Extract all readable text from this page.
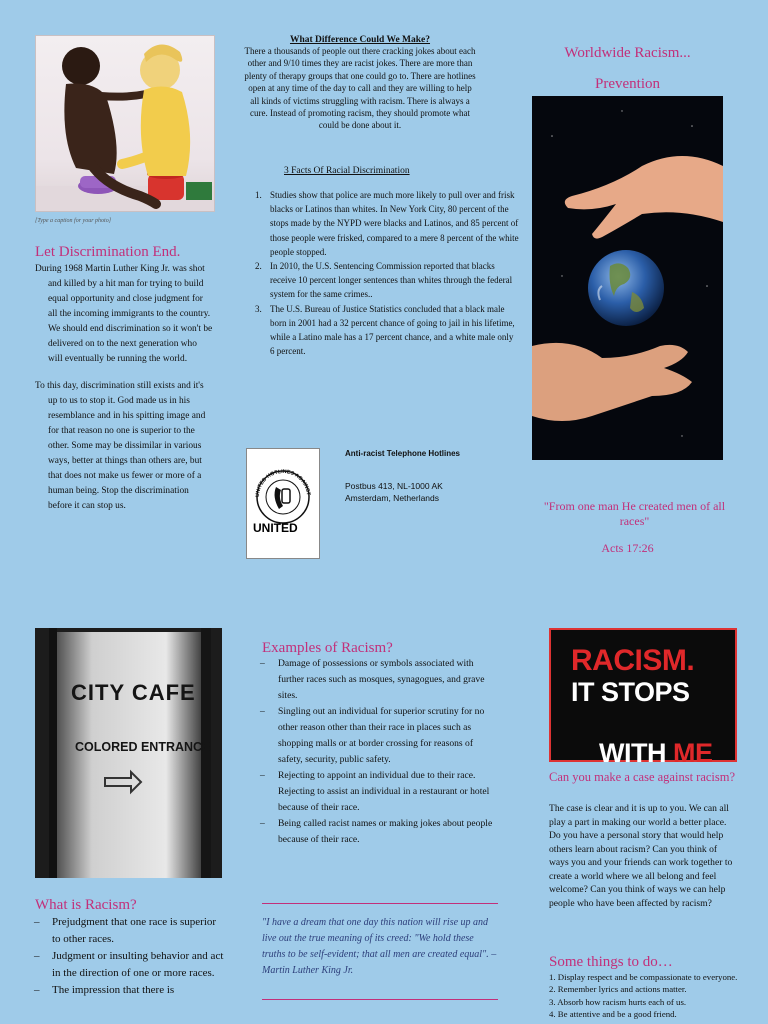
[Type a caption for your photo]
Let Discrimination End.

During 1968 Martin Luther King Jr. was shot and killed by a hit man for trying to build equal opportunity and close judgment for all the incoming immigrants to the country. We should end discrimination so it won't be delivered on to the next generation who will eventually be running the world.

To this day, discrimination still exists and it's up to us to stop it. God made us in his resemblance and in his spitting image and for that reason no one is superior to the other. Some may be dissimilar in various ways, better at things than others are, but that does not make us fewer or more of a human being. Stop the discrimination before it can stop us.

CITY CAFE
COLORED ENTRANCE
What is Racism?
– Prejudgment that one race is superior to other races.
– Judgment or insulting behavior and act in the direction of one or more races.
– The impression that there is
What Difference Could We Make?
There a thousands of people out there cracking jokes about each other and 9/10 times they are racist jokes. There are more than plenty of therapy groups that one could go to. There are hotlines open at any time of the day to call and they are willing to help all kinds of victims struggling with racism. There is always a cure. Instead of promoting racism, they should promote what could be done about it.
3 Facts Of Racial Discrimination
1. Studies show that police are much more likely to pull over and frisk blacks or Latinos than whites. In New York City, 80 percent of the stops made by the NYPD were blacks and Latinos, and 85 percent of those people were frisked, compared to a mere 8 percent of the white people stopped.
2. In 2010, the U.S. Sentencing Commission reported that blacks receive 10 percent longer sentences than whites through the federal system for the same crimes..
3. The U.S. Bureau of Justice Statistics concluded that a black male born in 2001 had a 32 percent chance of going to jail in his lifetime, while a Latino male has a 17 percent chance, and a white male only 6 percent.
UNITED HOTLINES AGAINST
UNITED
Anti-racist Telephone Hotlines
Postbus 413, NL-1000 AK Amsterdam, Netherlands
Examples of Racism?
– Damage of possessions or symbols associated with further races such as mosques, synagogues, and grave sites.
– Singling out an individual for superior scrutiny for no other reason other than their race in places such as shopping malls or at border crossing for reasons of safety, security, public safety.
– Rejecting to appoint an individual due to their race. Rejecting to assist an individual in a restaurant or hotel because of their race.
– Being called racist names or making jokes about people because of their race.
"I have a dream that one day this nation will rise up and live out the true meaning of its creed: "We hold these truths to be self-evident; that all men are created equal". – Martin Luther King Jr.
Worldwide Racism...
Prevention
"From one man He created men of all races"
Acts 17:26
RACISM.
IT STOPS

WITH ME

Can you make a case against racism?
The case is clear and it is up to you. We can all play a part in making our world a better place. Do you have a personal story that would help others learn about racism? Can you think of ways you and your friends can work together to create a world where we all belong and feel welcome? Can you think of ways we can help people who have been affected by racism?
Some things to do…
1. Display respect and be compassionate to everyone.
2. Remember lyrics and actions matter.
3. Absorb how racism hurts each of us.
4. Be attentive and be a good friend.
